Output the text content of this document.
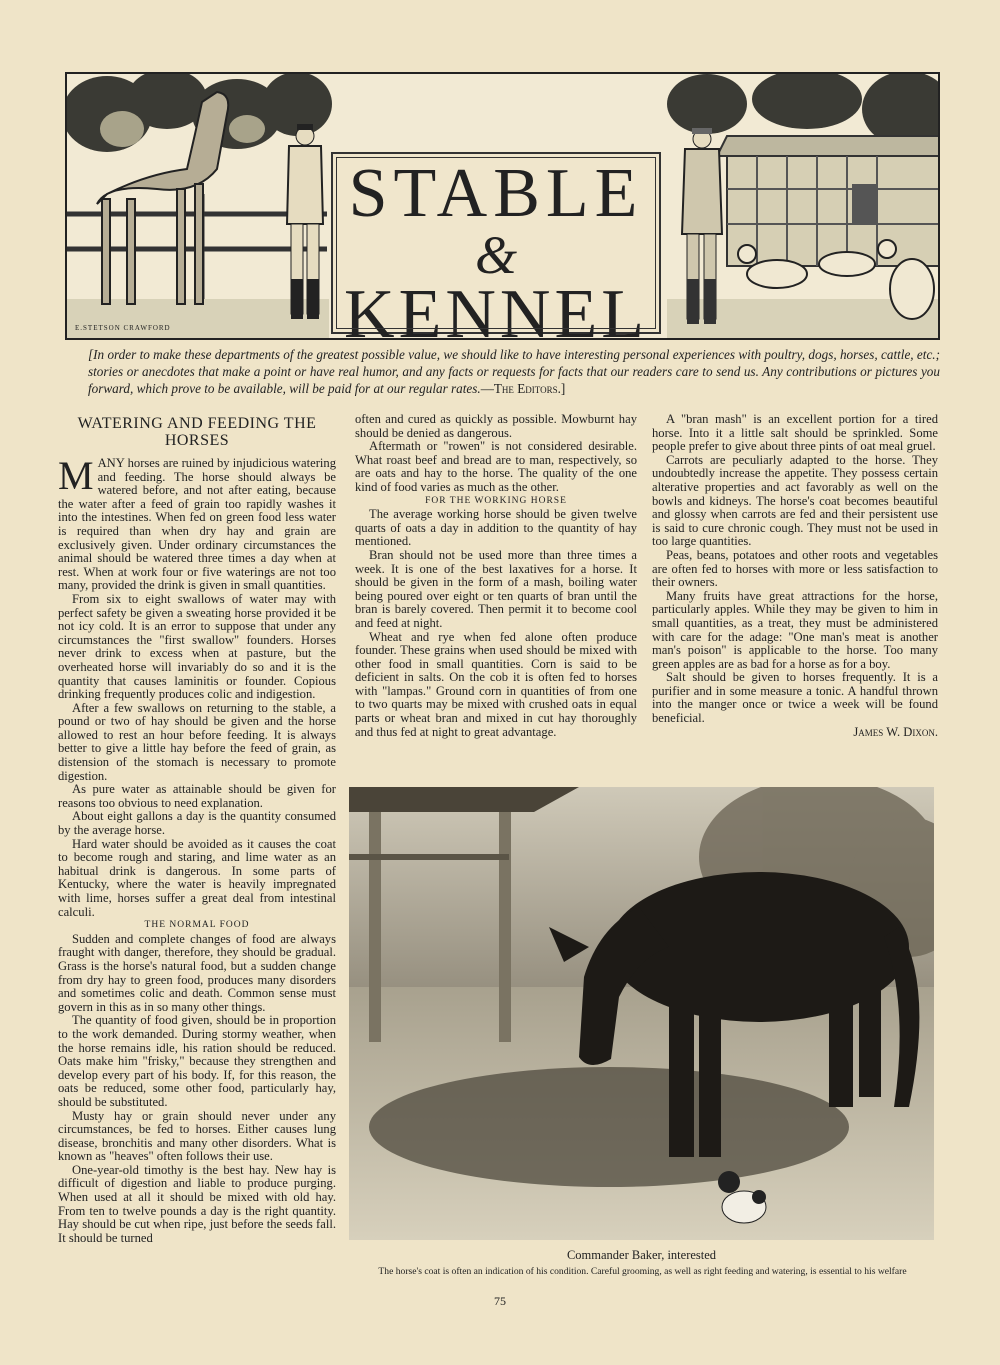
STABLE
&
KENNEL
E.STETSON CRAWFORD
[In order to make these departments of the greatest possible value, we should like to have interesting personal experiences with poultry, dogs, horses, cattle, etc.; stories or anecdotes that make a point or have real humor, and any facts or requests for facts that our readers care to send us. Any contributions or pictures you forward, which prove to be available, will be paid for at our regular rates.—The Editors.]
WATERING AND FEEDING THE HORSES

MANY horses are ruined by injudicious watering and feeding. The horse should always be watered before, and not after eating, because the water after a feed of grain too rapidly washes it into the intestines. When fed on green food less water is required than when dry hay and grain are exclusively given. Under ordinary circumstances the animal should be watered three times a day when at rest. When at work four or five waterings are not too many, provided the drink is given in small quantities.

From six to eight swallows of water may with perfect safety be given a sweating horse provided it be not icy cold. It is an error to suppose that under any circumstances the "first swallow" founders. Horses never drink to excess when at pasture, but the overheated horse will invariably do so and it is the quantity that causes laminitis or founder. Copious drinking frequently produces colic and indigestion.

After a few swallows on returning to the stable, a pound or two of hay should be given and the horse allowed to rest an hour before feeding. It is always better to give a little hay before the feed of grain, as distension of the stomach is necessary to promote digestion.

As pure water as attainable should be given for reasons too obvious to need explanation.

About eight gallons a day is the quantity consumed by the average horse.

Hard water should be avoided as it causes the coat to become rough and staring, and lime water as an habitual drink is dangerous. In some parts of Kentucky, where the water is heavily impregnated with lime, horses suffer a great deal from intestinal calculi.

THE NORMAL FOOD

Sudden and complete changes of food are always fraught with danger, therefore, they should be gradual. Grass is the horse's natural food, but a sudden change from dry hay to green food, produces many disorders and sometimes colic and death. Common sense must govern in this as in so many other things.

The quantity of food given, should be in proportion to the work demanded. During stormy weather, when the horse remains idle, his ration should be reduced. Oats make him "frisky," because they strengthen and develop every part of his body. If, for this reason, the oats be reduced, some other food, particularly hay, should be substituted.

Musty hay or grain should never under any circumstances, be fed to horses. Either causes lung disease, bronchitis and many other disorders. What is known as "heaves" often follows their use.

One-year-old timothy is the best hay. New hay is difficult of digestion and liable to produce purging. When used at all it should be mixed with old hay. From ten to twelve pounds a day is the right quantity. Hay should be cut when ripe, just before the seeds fall. It should be turned

often and cured as quickly as possible. Mowburnt hay should be denied as dangerous.

Aftermath or "rowen" is not considered desirable. What roast beef and bread are to man, respectively, so are oats and hay to the horse. The quality of the one kind of food varies as much as the other.

FOR THE WORKING HORSE

The average working horse should be given twelve quarts of oats a day in addition to the quantity of hay mentioned.

Bran should not be used more than three times a week. It is one of the best laxatives for a horse. It should be given in the form of a mash, boiling water being poured over eight or ten quarts of bran until the bran is barely covered. Then permit it to become cool and feed at night.

Wheat and rye when fed alone often produce founder. These grains when used should be mixed with other food in small quantities. Corn is said to be deficient in salts. On the cob it is often fed to horses with "lampas." Ground corn in quantities of from one to two quarts may be mixed with crushed oats in equal parts or wheat bran and mixed in cut hay thoroughly and thus fed at night to great advantage.

A "bran mash" is an excellent portion for a tired horse. Into it a little salt should be sprinkled. Some people prefer to give about three pints of oat meal gruel.

Carrots are peculiarly adapted to the horse. They undoubtedly increase the appetite. They possess certain alterative properties and act favorably as well on the bowls and kidneys. The horse's coat becomes beautiful and glossy when carrots are fed and their persistent use is said to cure chronic cough. They must not be used in too large quantities.

Peas, beans, potatoes and other roots and vegetables are often fed to horses with more or less satisfaction to their owners.

Many fruits have great attractions for the horse, particularly apples. While they may be given to him in small quantities, as a treat, they must be administered with care for the adage: "One man's meat is another man's poison" is applicable to the horse. Too many green apples are as bad for a horse as for a boy.

Salt should be given to horses frequently. It is a purifier and in some measure a tonic. A handful thrown into the manger once or twice a week will be found beneficial.

James W. Dixon.

Commander Baker, interested
The horse's coat is often an indication of his condition. Careful grooming, as well as right feeding and watering, is essential to his welfare
75
